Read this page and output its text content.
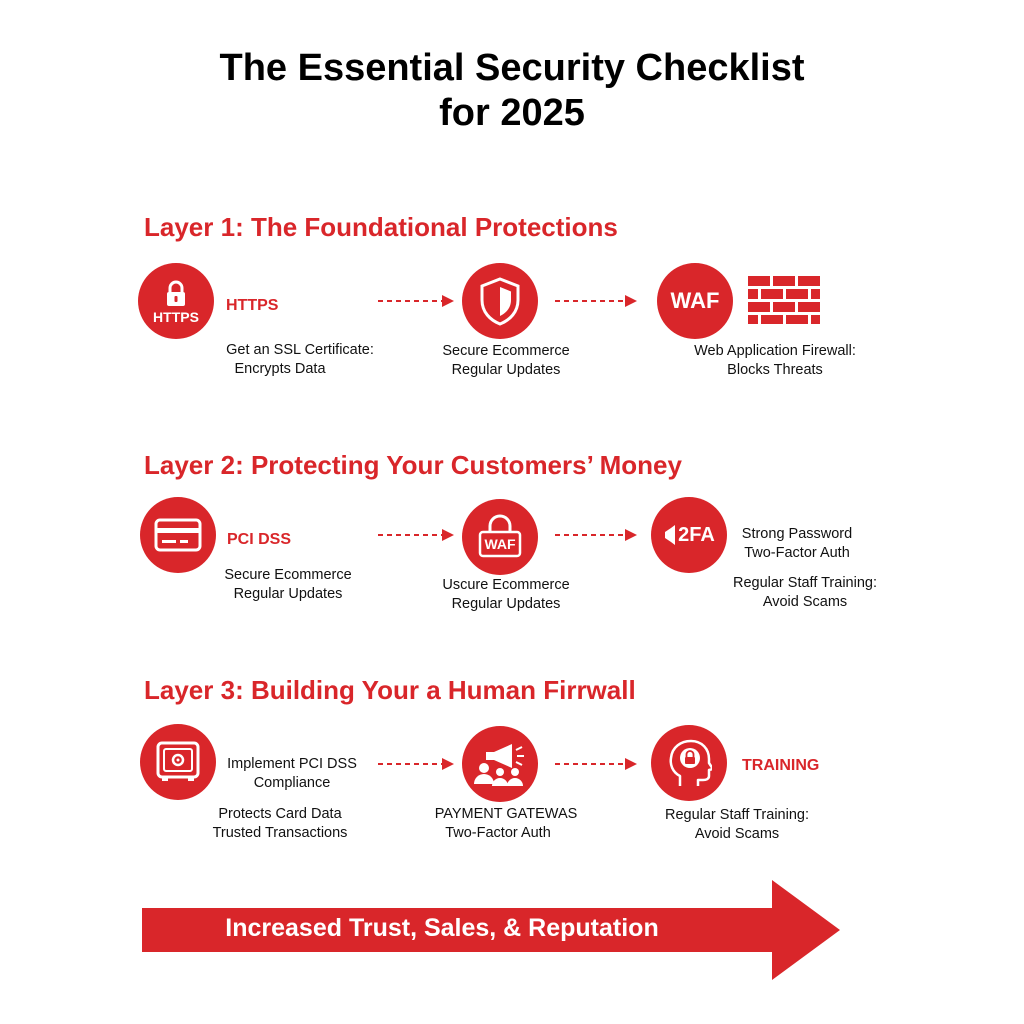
The Essential Security Checklist
for 2025
Layer 1: The Foundational Protections
HTTPS
HTTPS
Get an SSL Certificate:
Encrypts Data
Secure Ecommerce
Regular Updates
WAF
Web Application Firewall:
Blocks Threats
Layer 2: Protecting Your Customers’ Money
PCI DSS
Secure Ecommerce
Regular Updates
WAF
Uscure Ecommerce
Regular Updates
2FA	Strong Password
Two-Factor Auth
Regular Staff Training:
Avoid Scams
Layer 3: Building Your a Human Firrwall
Implement PCI DSS
Compliance
Protects Card Data
Trusted Transactions
PAYMENT GATEWAS
Two-Factor Auth
TRAINING
Regular Staff Training:
Avoid Scams
Increased Trust, Sales, & Reputation
